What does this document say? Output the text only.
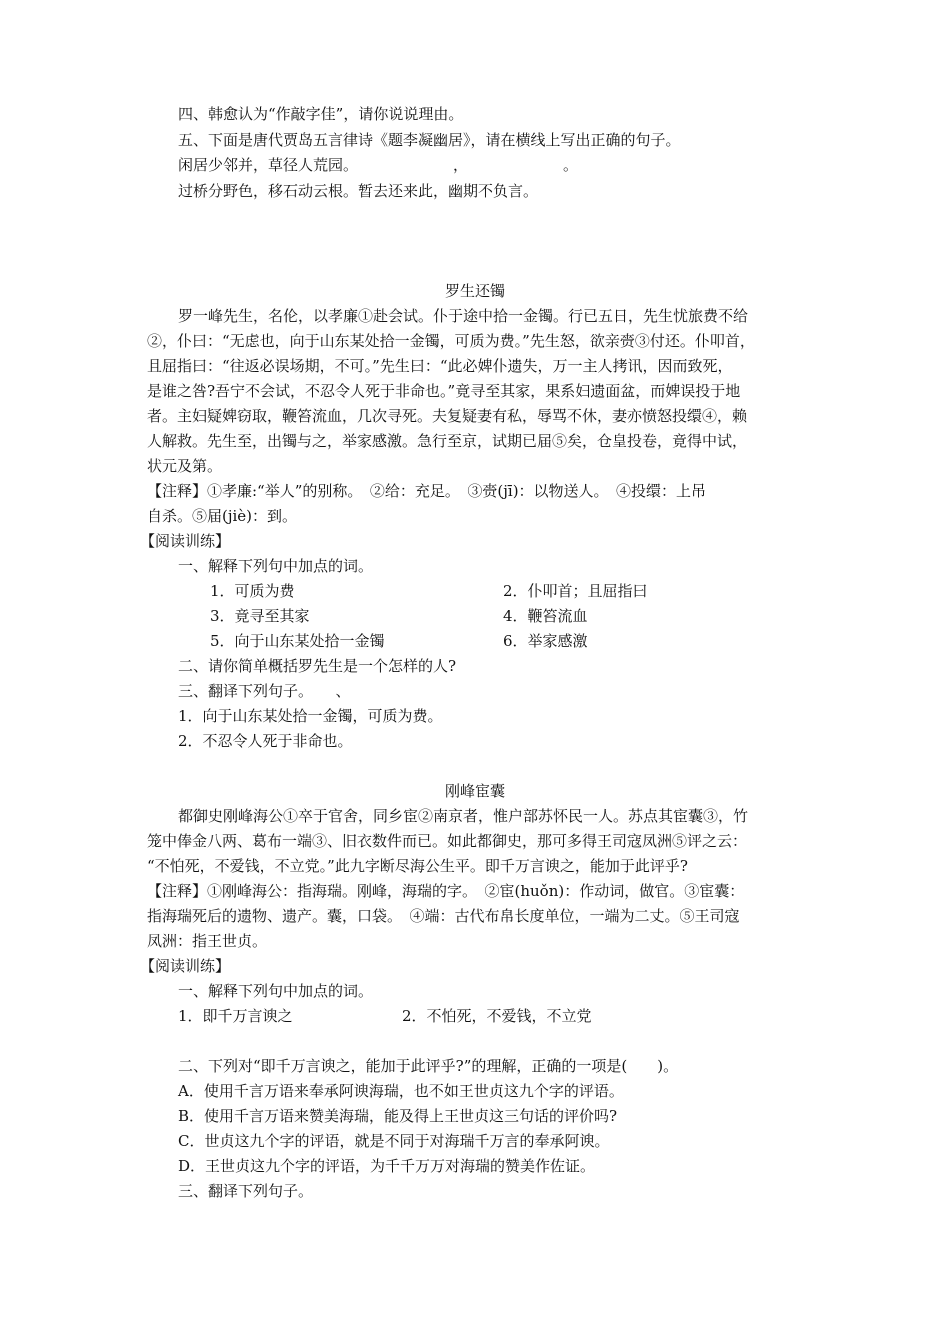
四、韩愈认为“作敲字佳”，请你说说理由。
五、下面是唐代贾岛五言律诗《题李凝幽居》，请在横线上写出正确的句子。
闲居少邻并，草径人荒园。	，	。
过桥分野色，移石动云根。暂去还来此，幽期不负言。
罗生还镯
罗一峰先生，名伦，以孝廉①赴会试。仆于途中拾一金镯。行已五日，先生忧旅费不给
②，仆曰：“无虑也，向于山东某处拾一金镯，可质为费。”先生怒，欲亲赍③付还。仆叩首，
且屈指曰：“往返必误场期，不可。”先生曰：“此必婢仆遗失，万一主人拷讯，因而致死，
是谁之咎?吾宁不会试，不忍令人死于非命也。”竟寻至其家，果系妇遗面盆，而婢误投于地
者。主妇疑婢窃取，鞭笞流血，几次寻死。夫复疑妻有私，辱骂不休，妻亦愤怒投缳④，赖
人解救。先生至，出镯与之，举家感激。急行至京，试期已届⑤矣，仓皇投卷，竟得中试，
状元及第。
【注释】①孝廉:“举人”的别称。　②给：充足。　③赍(jī)：以物送人。　④投缳：上吊
自杀。⑤届(jiè)：到。
【阅读训练】
一、解释下列句中加点的词。
1．可质为费	2．仆叩首；且屈指曰
3．竟寻至其家	4．鞭笞流血
5．向于山东某处拾一金镯	6．举家感激
二、请你简单概括罗先生是一个怎样的人?
三、翻译下列句子。　　、
1．向于山东某处拾一金镯，可质为费。
2．不忍令人死于非命也。
刚峰宦囊
都御史刚峰海公①卒于官舍，同乡宦②南京者，惟户部苏怀民一人。苏点其宦囊③，竹
笼中俸金八两、葛布一端③、旧衣数件而已。如此都御史，那可多得王司寇凤洲⑤评之云：
“不怕死，不爱钱，不立党。”此九字断尽海公生平。即千万言谀之，能加于此评乎?
【注释】①刚峰海公：指海瑞。刚峰，海瑞的字。　②宦(huǒn)：作动词，做官。③宦囊：
指海瑞死后的遗物、遗产。囊，口袋。　④端：古代布帛长度单位，一端为二丈。⑤王司寇
凤洲：指王世贞。
【阅读训练】
一、解释下列句中加点的词。
1．即千万言谀之	2．不怕死，不爱钱，不立党
二、下列对“即千万言谀之，能加于此评乎?”的理解，正确的一项是(　　)。
A．使用千言万语来奉承阿谀海瑞，也不如王世贞这九个字的评语。
B．使用千言万语来赞美海瑞，能及得上王世贞这三句话的评价吗?
C．世贞这九个字的评语，就是不同于对海瑞千万言的奉承阿谀。
D．王世贞这九个字的评语，为千千万万对海瑞的赞美作佐证。
三、翻译下列句子。
